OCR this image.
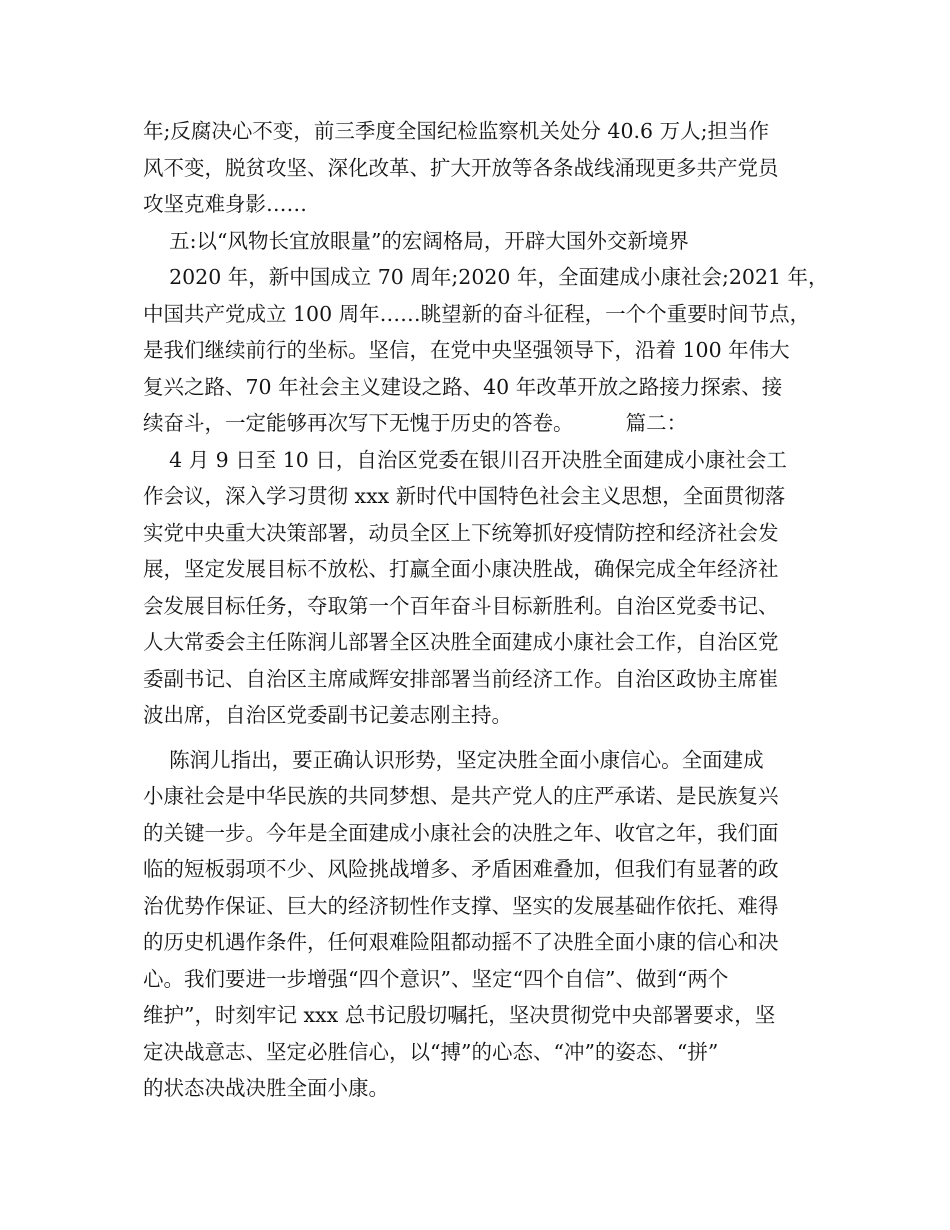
年;反腐决心不变，前三季度全国纪检监察机关处分 40.6 万人;担当作
风不变，脱贫攻坚、深化改革、扩大开放等各条战线涌现更多共产党员
攻坚克难身影……
五:以“风物长宜放眼量”的宏阔格局，开辟大国外交新境界
2020 年，新中国成立 70 周年;2020 年，全面建成小康社会;2021 年，
中国共产党成立 100 周年……眺望新的奋斗征程，一个个重要时间节点，
是我们继续前行的坐标。坚信，在党中央坚强领导下，沿着 100 年伟大
复兴之路、70 年社会主义建设之路、40 年改革开放之路接力探索、接
续奋斗，一定能够再次写下无愧于历史的答卷。        篇二：
4 月 9 日至 10 日，自治区党委在银川召开决胜全面建成小康社会工
作会议，深入学习贯彻 xxx 新时代中国特色社会主义思想，全面贯彻落
实党中央重大决策部署，动员全区上下统筹抓好疫情防控和经济社会发
展，坚定发展目标不放松、打赢全面小康决胜战，确保完成全年经济社
会发展目标任务，夺取第一个百年奋斗目标新胜利。自治区党委书记、
人大常委会主任陈润儿部署全区决胜全面建成小康社会工作，自治区党
委副书记、自治区主席咸辉安排部署当前经济工作。自治区政协主席崔
波出席，自治区党委副书记姜志刚主持。
陈润儿指出，要正确认识形势，坚定决胜全面小康信心。全面建成
小康社会是中华民族的共同梦想、是共产党人的庄严承诺、是民族复兴
的关键一步。今年是全面建成小康社会的决胜之年、收官之年，我们面
临的短板弱项不少、风险挑战增多、矛盾困难叠加，但我们有显著的政
治优势作保证、巨大的经济韧性作支撑、坚实的发展基础作依托、难得
的历史机遇作条件，任何艰难险阻都动摇不了决胜全面小康的信心和决
心。我们要进一步增强“四个意识”、坚定“四个自信”、做到“两个
维护”，时刻牢记 xxx 总书记殷切嘱托，坚决贯彻党中央部署要求，坚
定决战意志、坚定必胜信心，以“搏”的心态、“冲”的姿态、“拼”
的状态决战决胜全面小康。
